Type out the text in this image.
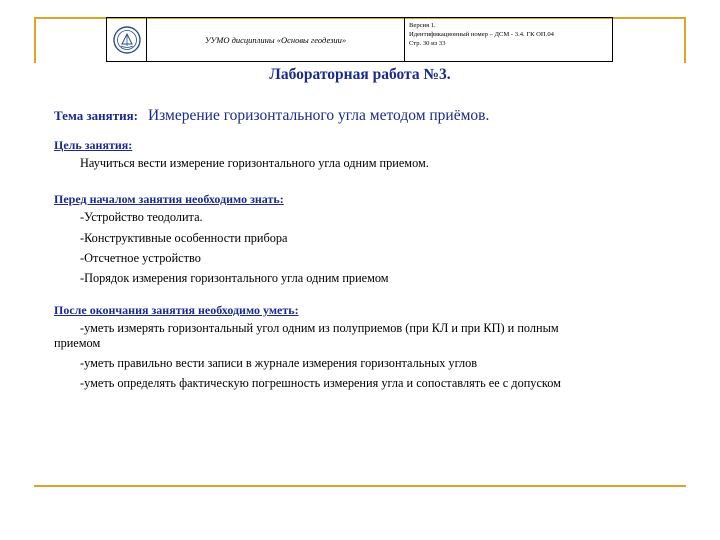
УУМО дисциплины «Основы геодезии»
Версия 1.
Идентификационный номер – ДСМ - 3.4. ГК ОП.04
Стр. 30 из 33
Лабораторная работа №3.
Тема занятия: Измерение горизонтального угла методом приёмов.
Цель занятия:
Научиться вести измерение горизонтального угла одним приемом.
Перед началом занятия необходимо знать:
-Устройство теодолита.
-Конструктивные особенности прибора
-Отсчетное устройство
-Порядок измерения горизонтального угла одним приемом
После окончания занятия необходимо уметь:
-уметь измерять горизонтальный угол одним из полуприемов (при КЛ и при КП) и полным
приемом
-уметь правильно вести записи в журнале измерения горизонтальных углов
-уметь определять фактическую погрешность измерения угла и сопоставлять ее с допуском
